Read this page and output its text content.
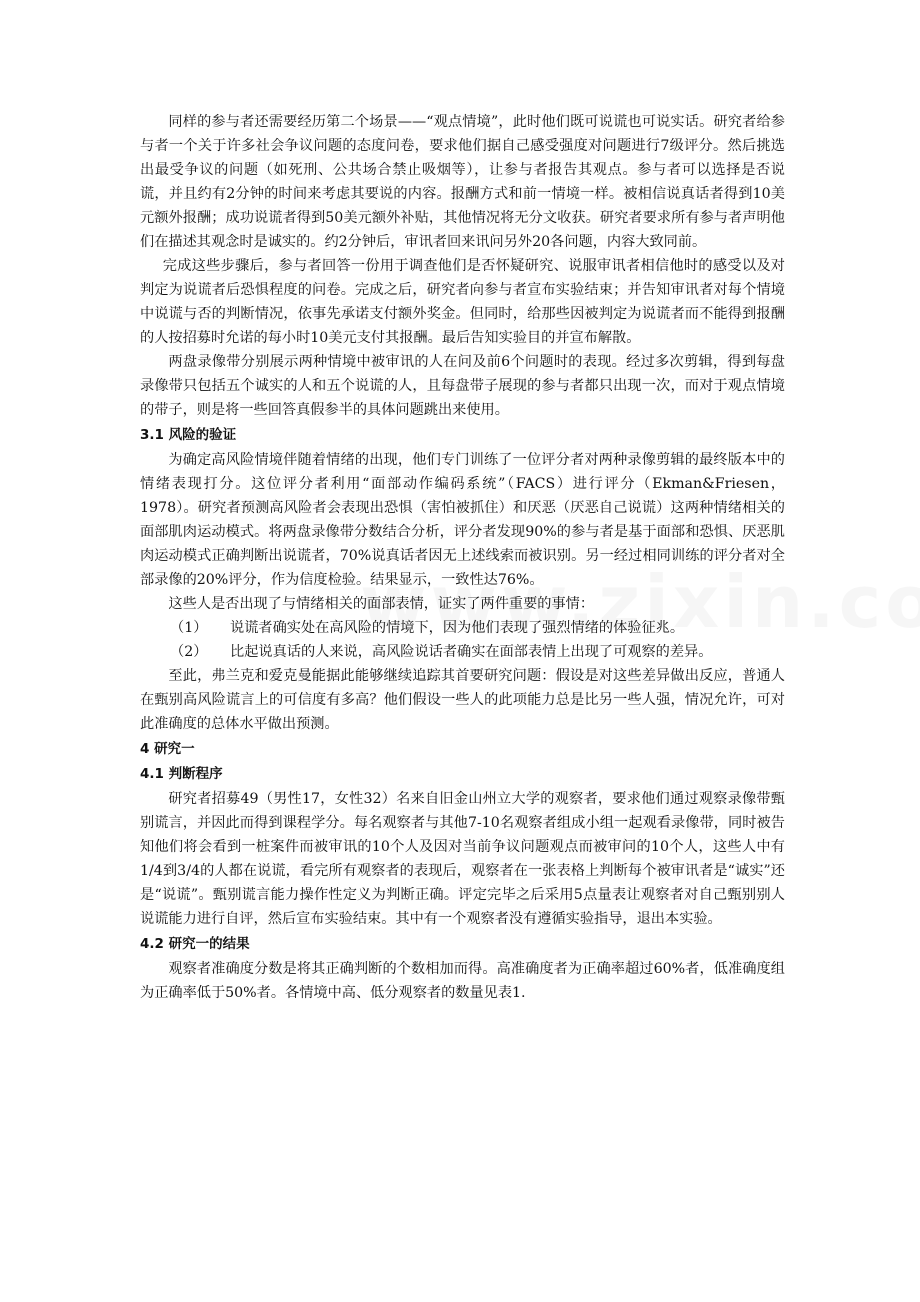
同样的参与者还需要经历第二个场景——“观点情境”，此时他们既可说谎也可说实话。研究者给参与者一个关于许多社会争议问题的态度问卷，要求他们据自己感受强度对问题进行7级评分。然后挑选出最受争议的问题（如死刑、公共场合禁止吸烟等），让参与者报告其观点。参与者可以选择是否说谎，并且约有2分钟的时间来考虑其要说的内容。报酬方式和前一情境一样。被相信说真话者得到10美元额外报酬；成功说谎者得到50美元额外补贴，其他情况将无分文收获。研究者要求所有参与者声明他们在描述其观念时是诚实的。约2分钟后，审讯者回来讯问另外20各问题，内容大致同前。

完成这些步骤后，参与者回答一份用于调查他们是否怀疑研究、说服审讯者相信他时的感受以及对判定为说谎者后恐惧程度的问卷。完成之后，研究者向参与者宣布实验结束；并告知审讯者对每个情境中说谎与否的判断情况，依事先承诺支付额外奖金。但同时，给那些因被判定为说谎者而不能得到报酬的人按招募时允诺的每小时10美元支付其报酬。最后告知实验目的并宣布解散。

两盘录像带分别展示两种情境中被审讯的人在问及前6个问题时的表现。经过多次剪辑，得到每盘录像带只包括五个诚实的人和五个说谎的人，且每盘带子展现的参与者都只出现一次，而对于观点情境的带子，则是将一些回答真假参半的具体问题跳出来使用。

3.1 风险的验证

为确定高风险情境伴随着情绪的出现，他们专门训练了一位评分者对两种录像剪辑的最终版本中的情绪表现打分。这位评分者利用“面部动作编码系统”（FACS）进行评分（Ekman&Friesen，1978）。研究者预测高风险者会表现出恐惧（害怕被抓住）和厌恶（厌恶自己说谎）这两种情绪相关的面部肌肉运动模式。将两盘录像带分数结合分析，评分者发现90%的参与者是基于面部和恐惧、厌恶肌肉运动模式正确判断出说谎者，70%说真话者因无上述线索而被识别。另一经过相同训练的评分者对全部录像的20%评分，作为信度检验。结果显示，一致性达76%。

这些人是否出现了与情绪相关的面部表情，证实了两件重要的事情：

（1）	说谎者确实处在高风险的情境下，因为他们表现了强烈情绪的体验征兆。
（2）	比起说真话的人来说，高风险说话者确实在面部表情上出现了可观察的差异。

至此，弗兰克和爱克曼能据此能够继续追踪其首要研究问题：假设是对这些差异做出反应，普通人在甄别高风险谎言上的可信度有多高？他们假设一些人的此项能力总是比另一些人强，情况允许，可对此准确度的总体水平做出预测。

4 研究一
4.1 判断程序

研究者招募49（男性17，女性32）名来自旧金山州立大学的观察者，要求他们通过观察录像带甄别谎言，并因此而得到课程学分。每名观察者与其他7-10名观察者组成小组一起观看录像带，同时被告知他们将会看到一桩案件而被审讯的10个人及因对当前争议问题观点而被审问的10个人，这些人中有1/4到3/4的人都在说谎，看完所有观察者的表现后，观察者在一张表格上判断每个被审讯者是“诚实”还是“说谎”。甄别谎言能力操作性定义为判断正确。评定完毕之后采用5点量表让观察者对自己甄别别人说谎能力进行自评，然后宣布实验结束。其中有一个观察者没有遵循实验指导，退出本实验。

4.2 研究一的结果

观察者准确度分数是将其正确判断的个数相加而得。高准确度者为正确率超过60%者，低准确度组为正确率低于50%者。各情境中高、低分观察者的数量见表1.
